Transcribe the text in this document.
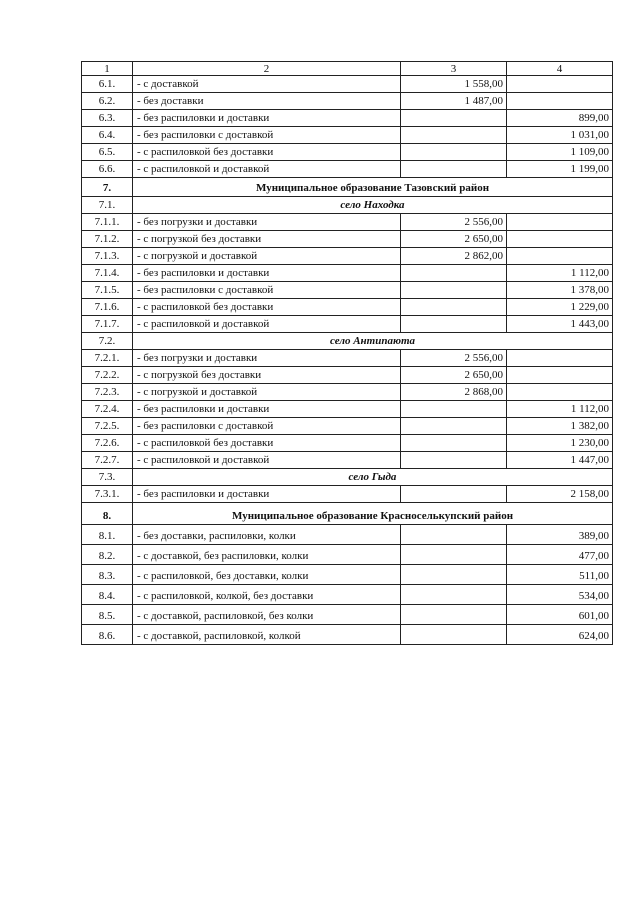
1	2	3	4
6.1.	- с доставкой	1 558,00	
6.2.	- без доставки	1 487,00	
6.3.	- без распиловки и доставки		899,00
6.4.	- без распиловки с доставкой		1 031,00
6.5.	- с распиловкой без доставки		1 109,00
6.6.	- с распиловкой и доставкой		1 199,00
7.	Муниципальное образование Тазовский район		
7.1.	село Находка		
7.1.1.	- без погрузки и доставки	2 556,00	
7.1.2.	- с погрузкой без доставки	2 650,00	
7.1.3.	- с погрузкой и доставкой	2 862,00	
7.1.4.	- без распиловки и доставки		1 112,00
7.1.5.	- без распиловки с доставкой		1 378,00
7.1.6.	- с распиловкой без доставки		1 229,00
7.1.7.	- с распиловкой и доставкой		1 443,00
7.2.	село Антипаюта		
7.2.1.	- без погрузки и доставки	2 556,00	
7.2.2.	- с погрузкой без доставки	2 650,00	
7.2.3.	- с погрузкой и доставкой	2 868,00	
7.2.4.	- без распиловки и доставки		1 112,00
7.2.5.	- без распиловки с доставкой		1 382,00
7.2.6.	- с распиловкой без доставки		1 230,00
7.2.7.	- с распиловкой и доставкой		1 447,00
7.3.	село Гыда		
7.3.1.	- без распиловки и доставки		2 158,00
8.	Муниципальное образование Красноселькупский район		
8.1.	- без доставки, распиловки, колки		389,00
8.2.	- с доставкой, без распиловки, колки		477,00
8.3.	- с распиловкой, без доставки, колки		511,00
8.4.	- с распиловкой, колкой, без доставки		534,00
8.5.	- с доставкой, распиловкой, без колки		601,00
8.6.	- с доставкой, распиловкой, колкой		624,00
